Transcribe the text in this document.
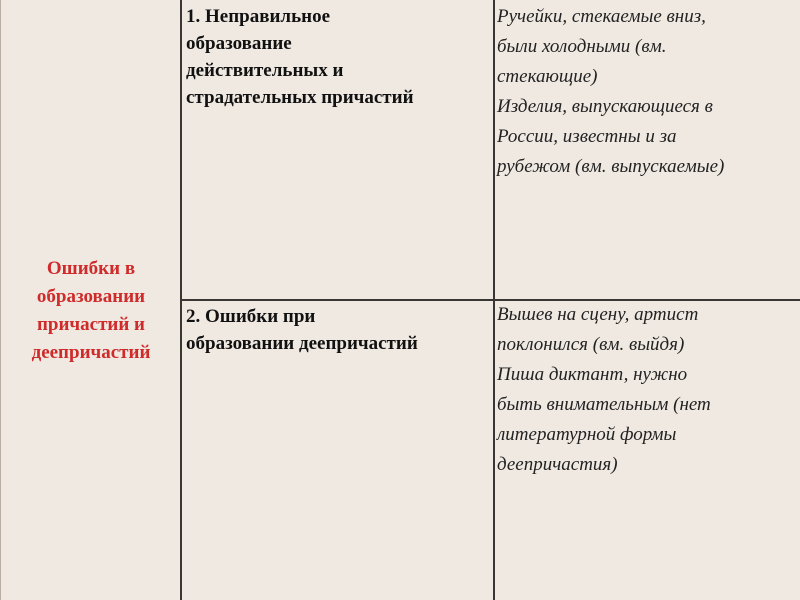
Ошибки в
образовании
причастий и
деепричастий
1. Неправильное
образование
действительных и
страдательных причастий
Ручейки, стекаемые вниз,
были холодными (вм.
стекающие)
Изделия, выпускающиеся в
России, известны и за
рубежом (вм. выпускаемые)
2. Ошибки при
образовании деепричастий
Вышев на сцену, артист
поклонился (вм. выйдя)
Пиша диктант, нужно
быть внимательным (нет
литературной формы
деепричастия)
